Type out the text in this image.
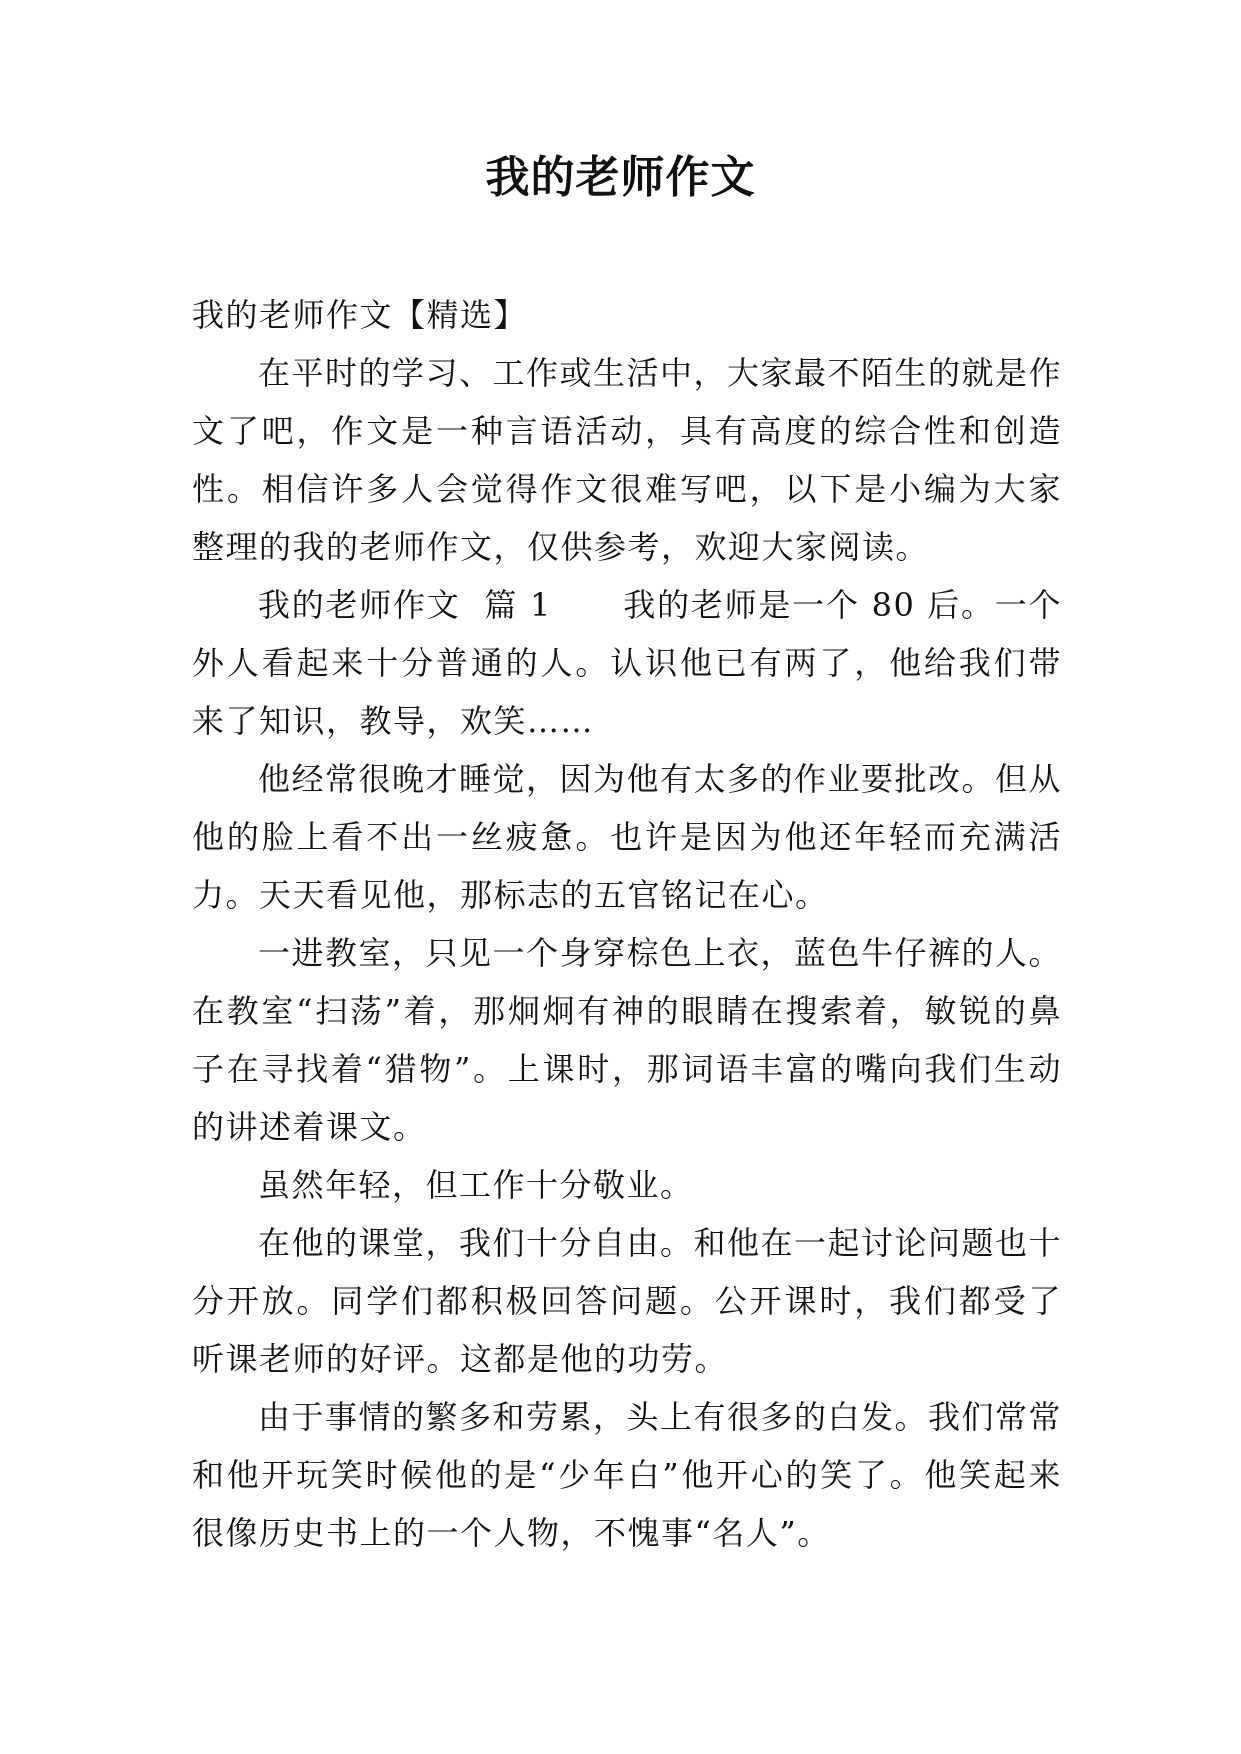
我的老师作文

我的老师作文【精选】

在平时的学习、工作或生活中，大家最不陌生的就是作文了吧，作文是一种言语活动，具有高度的综合性和创造性。相信许多人会觉得作文很难写吧，以下是小编为大家整理的我的老师作文，仅供参考，欢迎大家阅读。

我的老师作文  篇 1      我的老师是一个 80 后。一个外人看起来十分普通的人。认识他已有两了，他给我们带来了知识，教导，欢笑……

他经常很晚才睡觉，因为他有太多的作业要批改。但从他的脸上看不出一丝疲惫。也许是因为他还年轻而充满活力。天天看见他，那标志的五官铭记在心。

一进教室，只见一个身穿棕色上衣，蓝色牛仔裤的人。在教室“扫荡”着，那炯炯有神的眼睛在搜索着，敏锐的鼻子在寻找着“猎物”。上课时，那词语丰富的嘴向我们生动的讲述着课文。

虽然年轻，但工作十分敬业。

在他的课堂，我们十分自由。和他在一起讨论问题也十分开放。同学们都积极回答问题。公开课时，我们都受了听课老师的好评。这都是他的功劳。

由于事情的繁多和劳累，头上有很多的白发。我们常常和他开玩笑时候他的是“少年白”他开心的笑了。他笑起来很像历史书上的一个人物，不愧事“名人”。
